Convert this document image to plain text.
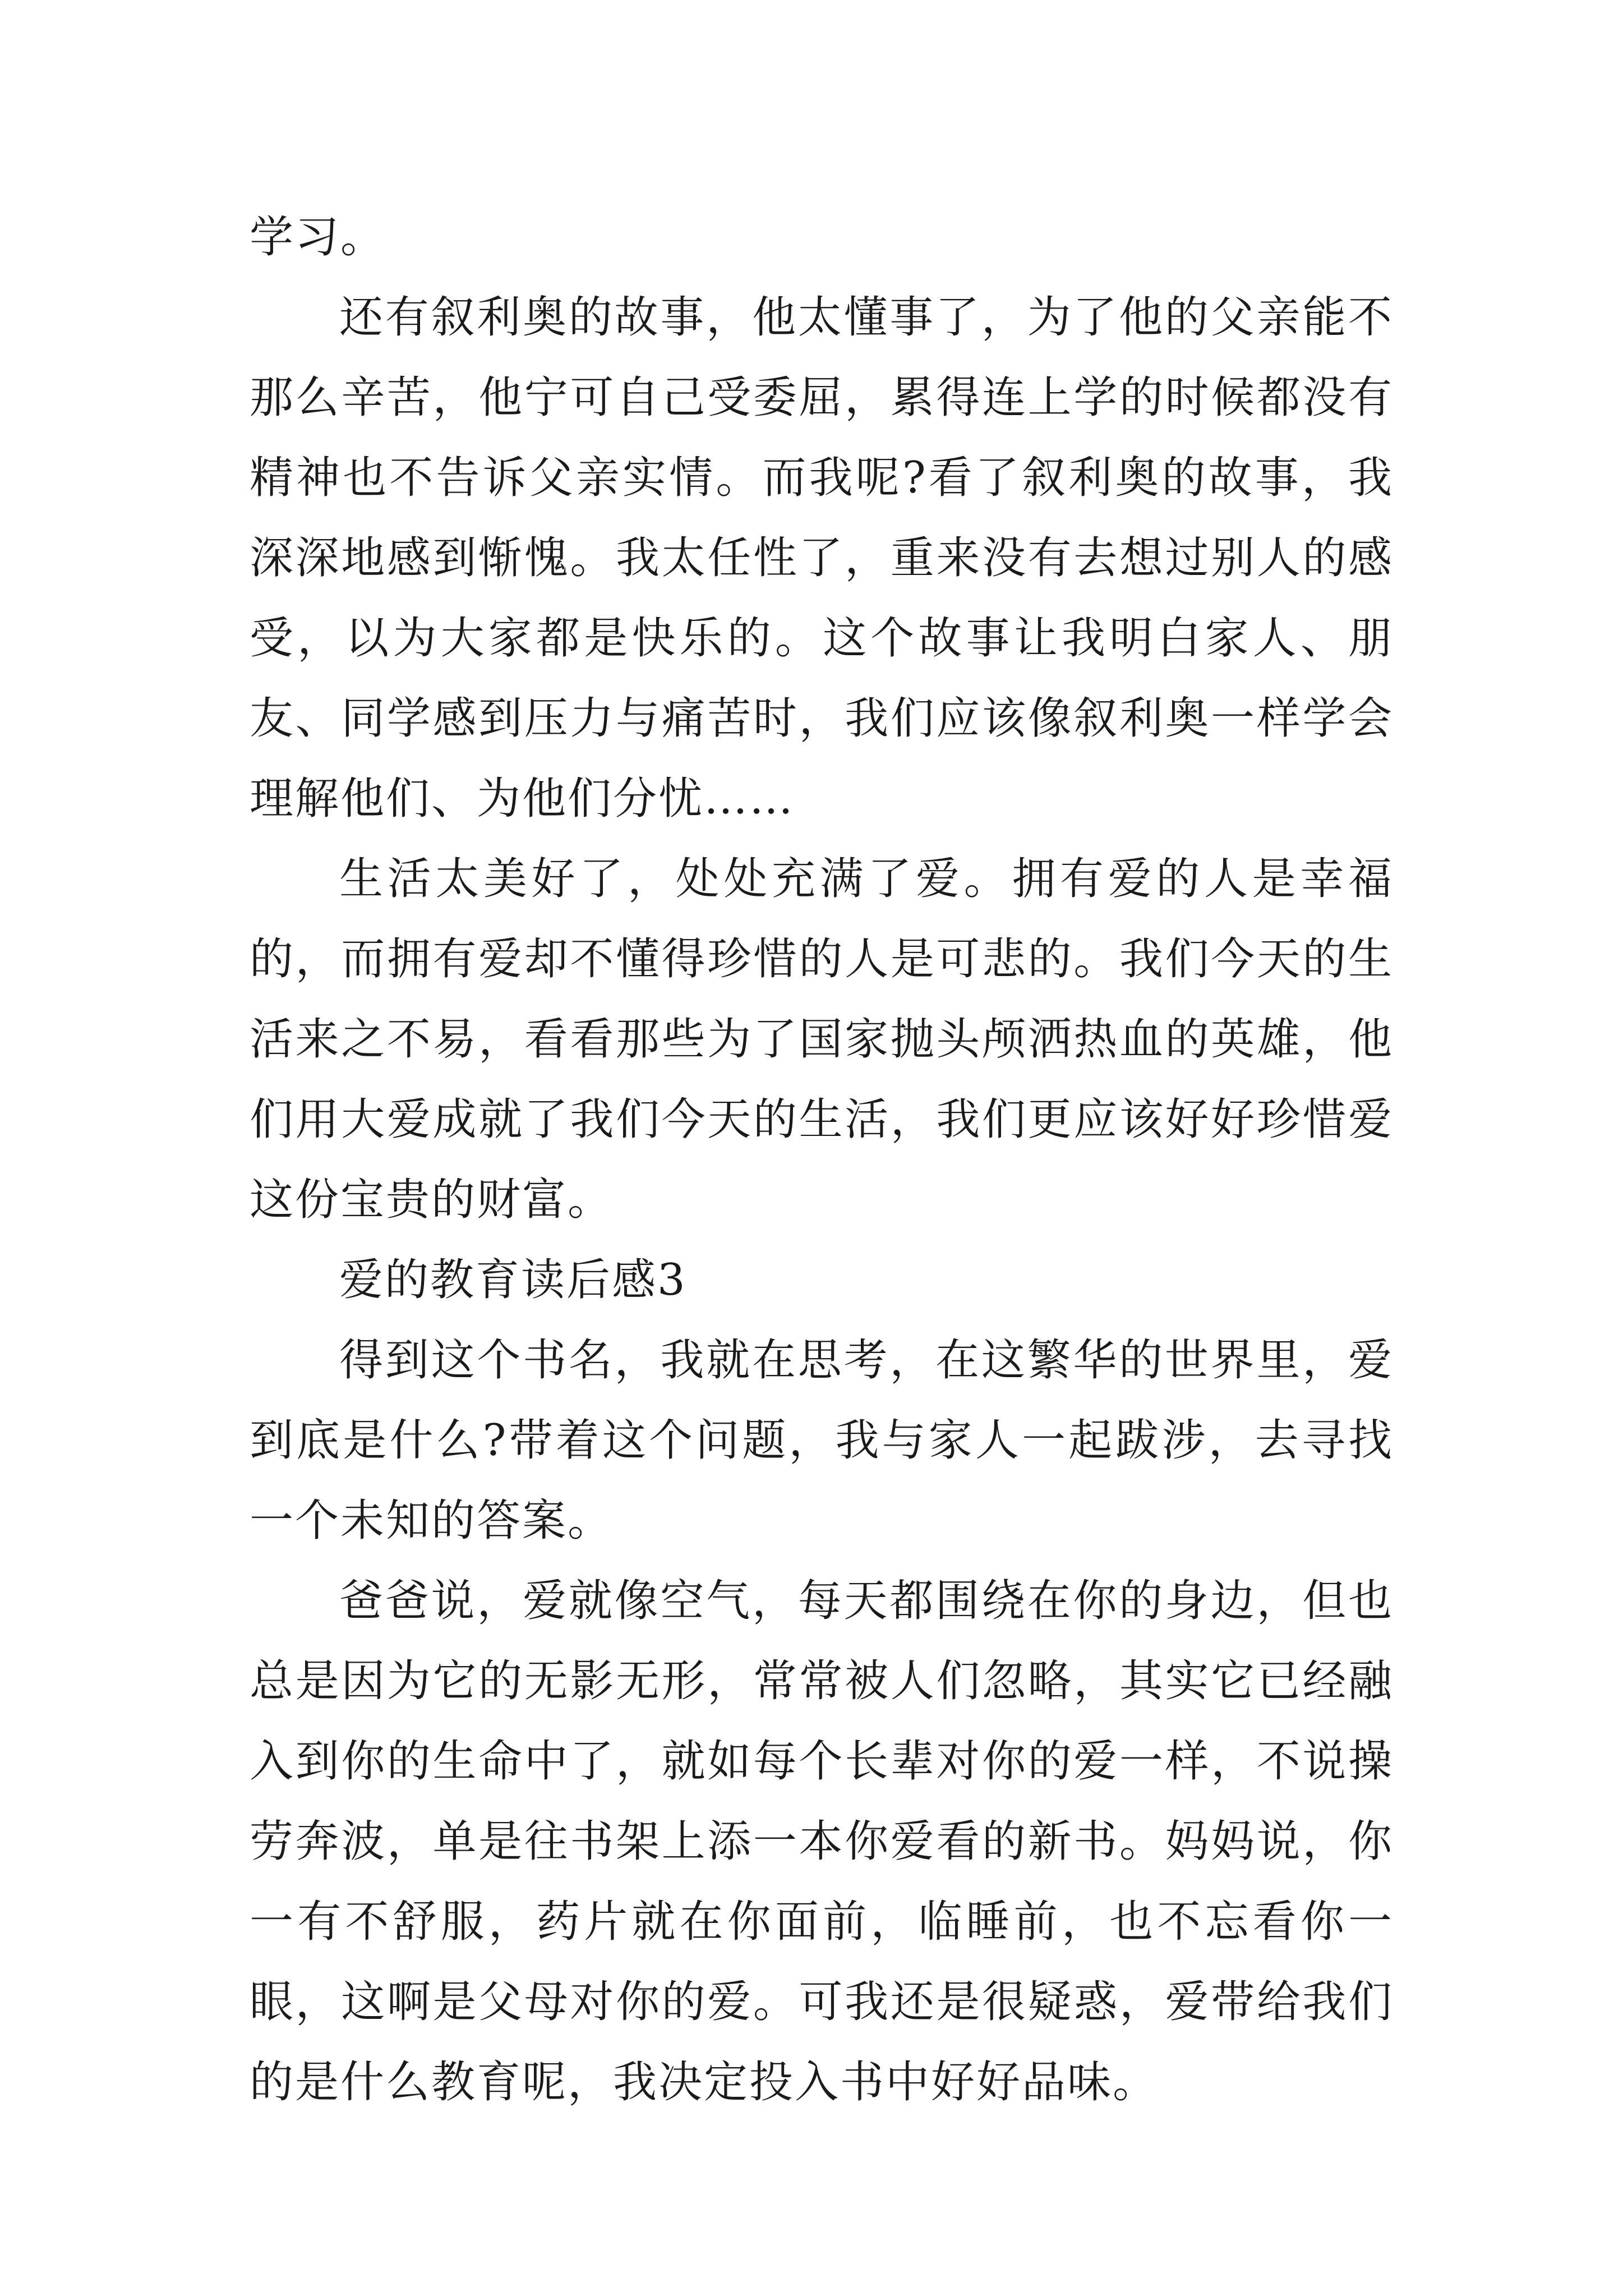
学习。

还有叙利奥的故事，他太懂事了，为了他的父亲能不那么辛苦，他宁可自己受委屈，累得连上学的时候都没有精神也不告诉父亲实情。而我呢?看了叙利奥的故事，我深深地感到惭愧。我太任性了，重来没有去想过别人的感受，以为大家都是快乐的。这个故事让我明白家人、朋友、同学感到压力与痛苦时，我们应该像叙利奥一样学会理解他们、为他们分忧……

生活太美好了，处处充满了爱。拥有爱的人是幸福的，而拥有爱却不懂得珍惜的人是可悲的。我们今天的生活来之不易，看看那些为了国家抛头颅洒热血的英雄，他们用大爱成就了我们今天的生活，我们更应该好好珍惜爱这份宝贵的财富。

爱的教育读后感3

得到这个书名，我就在思考，在这繁华的世界里，爱到底是什么?带着这个问题，我与家人一起跋涉，去寻找一个未知的答案。

爸爸说，爱就像空气，每天都围绕在你的身边，但也总是因为它的无影无形，常常被人们忽略，其实它已经融入到你的生命中了，就如每个长辈对你的爱一样，不说操劳奔波，单是往书架上添一本你爱看的新书。妈妈说，你一有不舒服，药片就在你面前，临睡前，也不忘看你一眼，这啊是父母对你的爱。可我还是很疑惑，爱带给我们的是什么教育呢，我决定投入书中好好品味。
